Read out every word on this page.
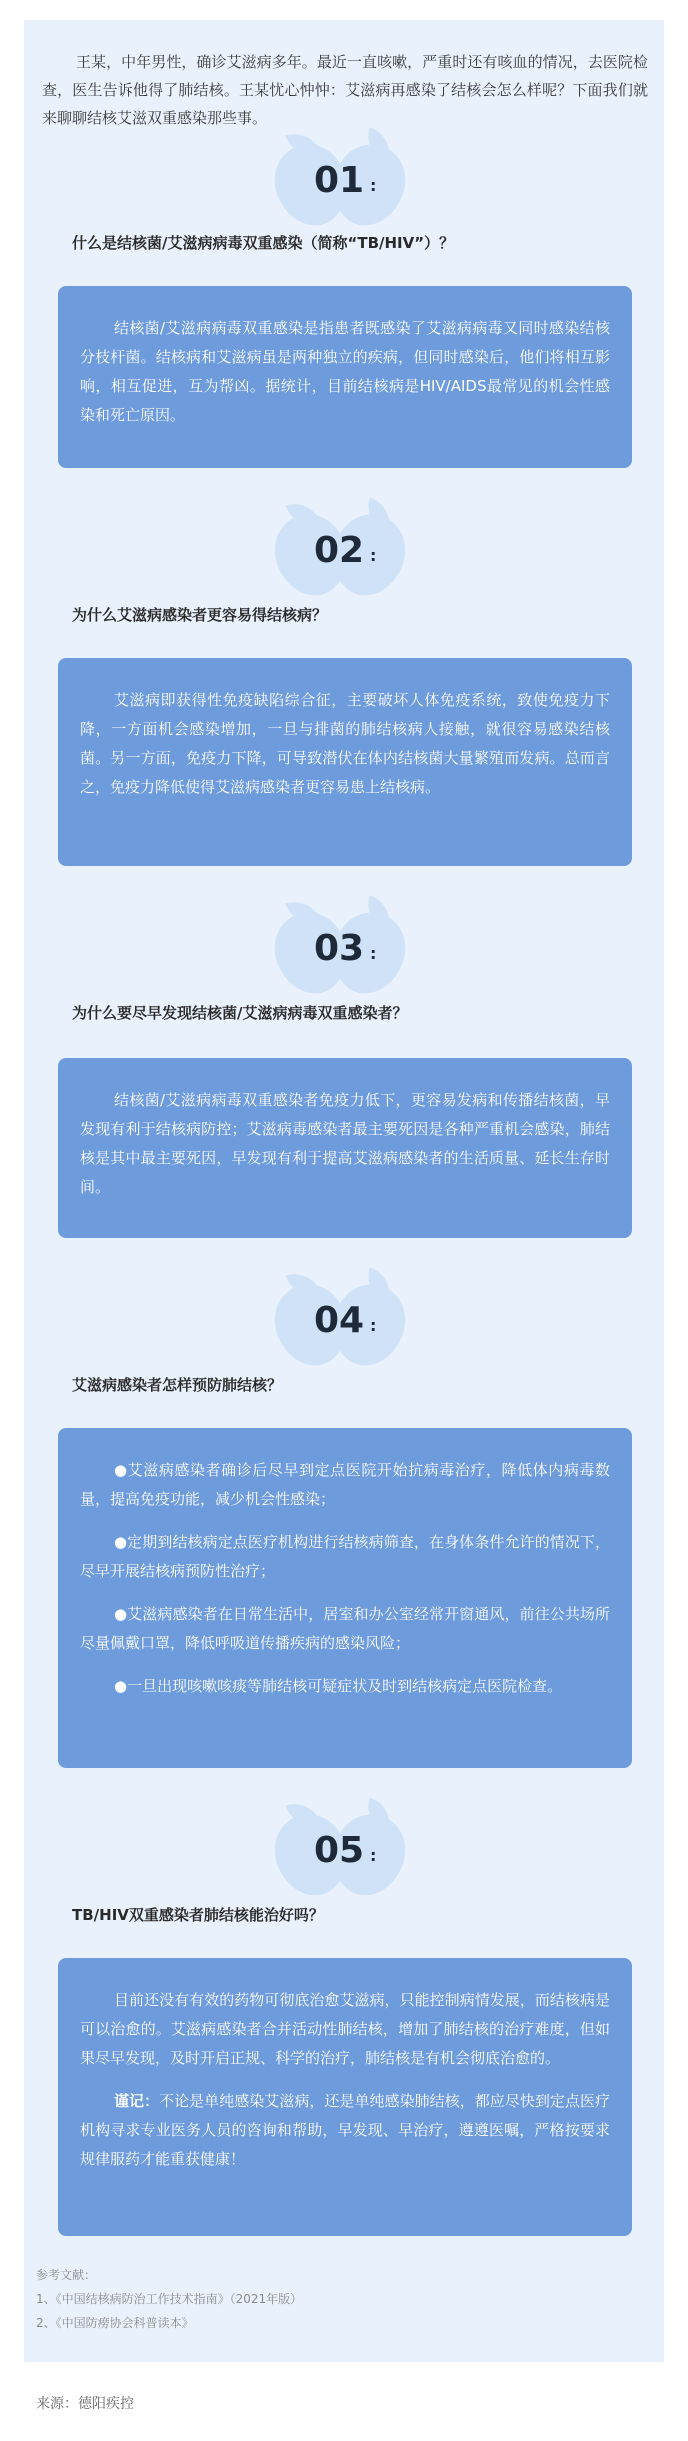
王某，中年男性，确诊艾滋病多年。最近一直咳嗽，严重时还有咳血的情况，去医院检查，医生告诉他得了肺结核。王某忧心忡忡：艾滋病再感染了结核会怎么样呢？下面我们就来聊聊结核艾滋双重感染那些事。

01 :
什么是结核菌/艾滋病病毒双重感染（简称“TB/HIV”）？

结核菌/艾滋病病毒双重感染是指患者既感染了艾滋病病毒又同时感染结核分枝杆菌。结核病和艾滋病虽是两种独立的疾病，但同时感染后，他们将相互影响，相互促进，互为帮凶。据统计，目前结核病是HIV/AIDS最常见的机会性感染和死亡原因。

02 :
为什么艾滋病感染者更容易得结核病？

艾滋病即获得性免疫缺陷综合征，主要破坏人体免疫系统，致使免疫力下降，一方面机会感染增加，一旦与排菌的肺结核病人接触，就很容易感染结核菌。另一方面，免疫力下降，可导致潜伏在体内结核菌大量繁殖而发病。总而言之，免疫力降低使得艾滋病感染者更容易患上结核病。

03 :
为什么要尽早发现结核菌/艾滋病病毒双重感染者？

结核菌/艾滋病病毒双重感染者免疫力低下，更容易发病和传播结核菌，早发现有利于结核病防控；艾滋病毒感染者最主要死因是各种严重机会感染，肺结核是其中最主要死因，早发现有利于提高艾滋病感染者的生活质量、延长生存时间。

04 :
艾滋病感染者怎样预防肺结核？

●艾滋病感染者确诊后尽早到定点医院开始抗病毒治疗，降低体内病毒数量，提高免疫功能，减少机会性感染；

●定期到结核病定点医疗机构进行结核病筛查，在身体条件允许的情况下，尽早开展结核病预防性治疗；

●艾滋病感染者在日常生活中，居室和办公室经常开窗通风，前往公共场所尽量佩戴口罩，降低呼吸道传播疾病的感染风险；

●一旦出现咳嗽咳痰等肺结核可疑症状及时到结核病定点医院检查。

05 :
TB/HIV双重感染者肺结核能治好吗？

目前还没有有效的药物可彻底治愈艾滋病，只能控制病情发展，而结核病是可以治愈的。艾滋病感染者合并活动性肺结核，增加了肺结核的治疗难度，但如果尽早发现，及时开启正规、科学的治疗，肺结核是有机会彻底治愈的。

谨记：不论是单纯感染艾滋病，还是单纯感染肺结核，都应尽快到定点医疗机构寻求专业医务人员的咨询和帮助，早发现、早治疗，遵遵医嘱，严格按要求规律服药才能重获健康！

参考文献：
1、《中国结核病防治工作技术指南》（2021年版）
2、《中国防痨协会科普读本》
来源：德阳疾控
